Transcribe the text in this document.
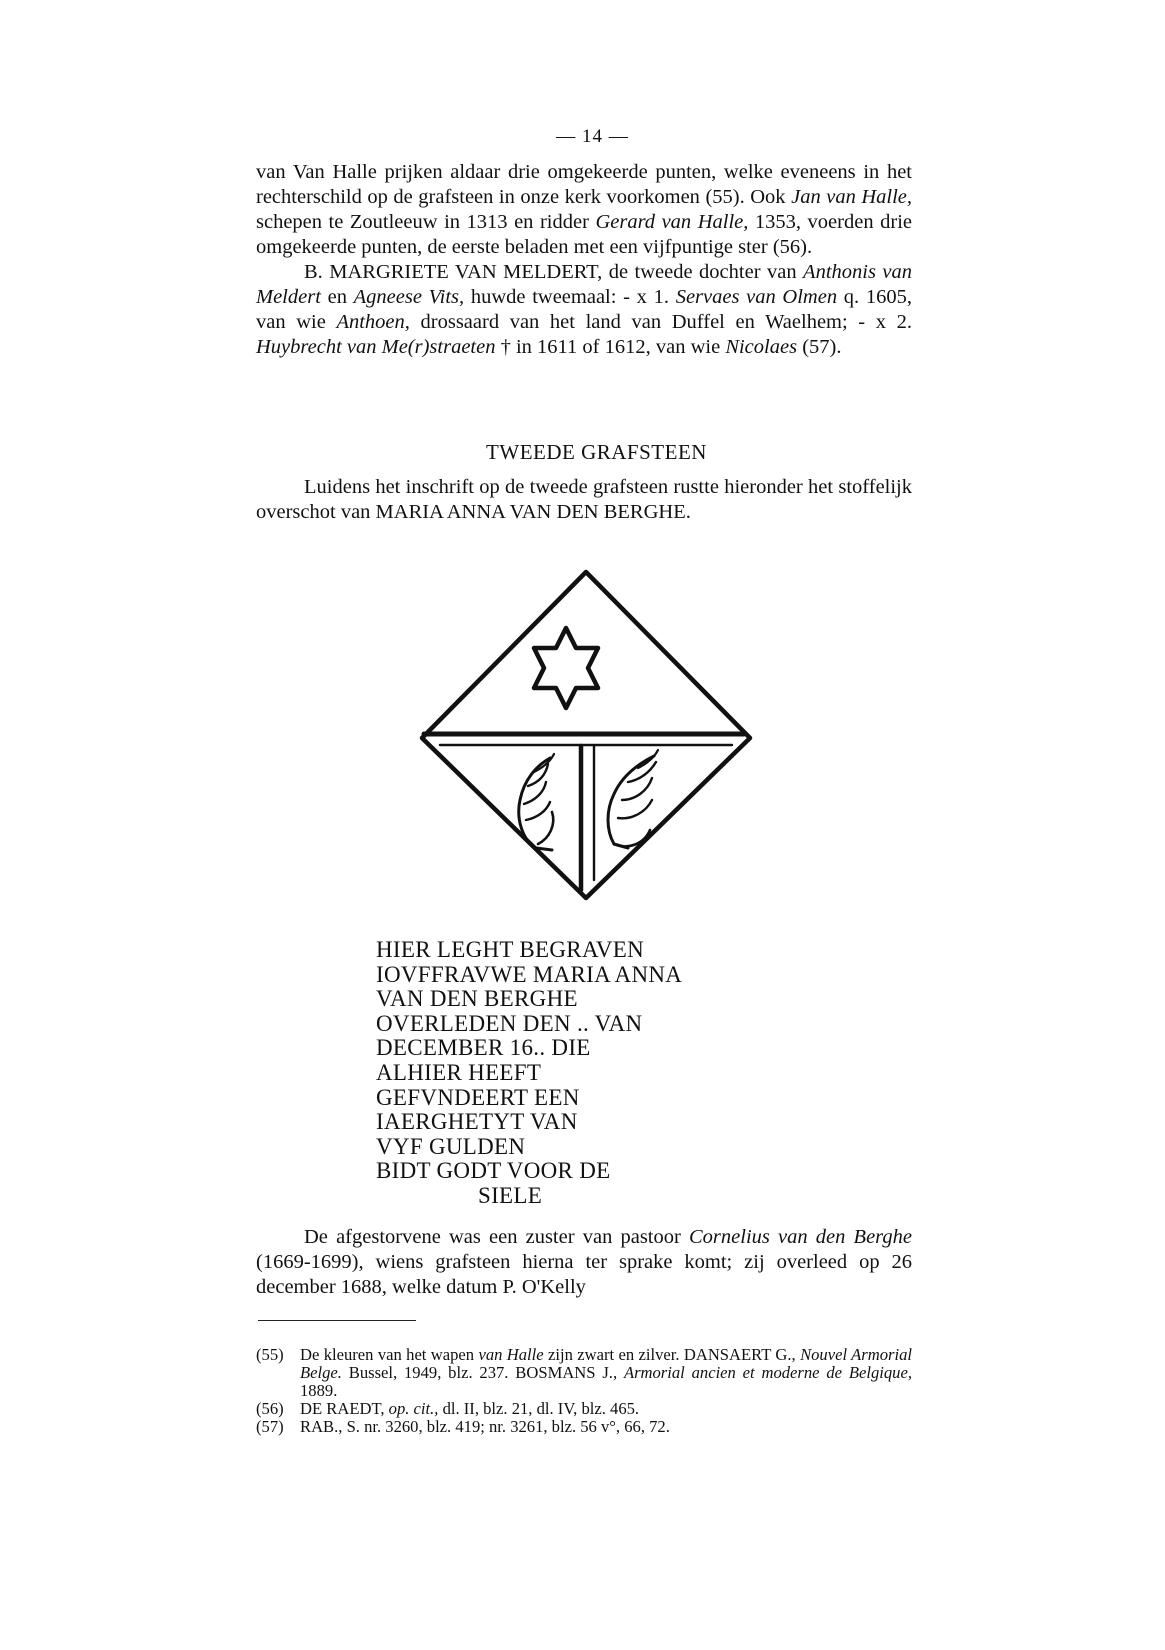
— 14 —

van Van Halle prijken aldaar drie omgekeerde punten, welke eveneens in het rechterschild op de grafsteen in onze kerk voorkomen (55). Ook Jan van Halle, schepen te Zoutleeuw in 1313 en ridder Gerard van Halle, 1353, voerden drie omgekeerde punten, de eerste beladen met een vijfpuntige ster (56).

B. MARGRIETE VAN MELDERT, de tweede dochter van Anthonis van Meldert en Agneese Vits, huwde tweemaal: - x 1. Servaes van Olmen q. 1605, van wie Anthoen, drossaard van het land van Duffel en Waelhem; - x 2. Huybrecht van Me(r)straeten † in 1611 of 1612, van wie Nicolaes (57).

TWEEDE GRAFSTEEN

Luidens het inschrift op de tweede grafsteen rustte hieronder het stoffelijk overschot van MARIA ANNA VAN DEN BERGHE.

HIER LEGHT BEGRAVEN
IOVFFRAVWE MARIA ANNA
VAN DEN BERGHE
OVERLEDEN DEN .. VAN
DECEMBER 16.. DIE
ALHIER HEEFT
GEFVNDEERT EEN
IAERGHETYT VAN
VYF GULDEN
BIDT GODT VOOR DE
SIELE

De afgestorvene was een zuster van pastoor Cornelius van den Berghe (1669-1699), wiens grafsteen hierna ter sprake komt; zij overleed op 26 december 1688, welke datum P. O'Kelly

(55) De kleuren van het wapen van Halle zijn zwart en zilver. DANSAERT G., Nouvel Armorial Belge. Bussel, 1949, blz. 237. BOSMANS J., Armorial ancien et moderne de Belgique, 1889.
(56) DE RAEDT, op. cit., dl. II, blz. 21, dl. IV, blz. 465.
(57) RAB., S. nr. 3260, blz. 419; nr. 3261, blz. 56 v°, 66, 72.
